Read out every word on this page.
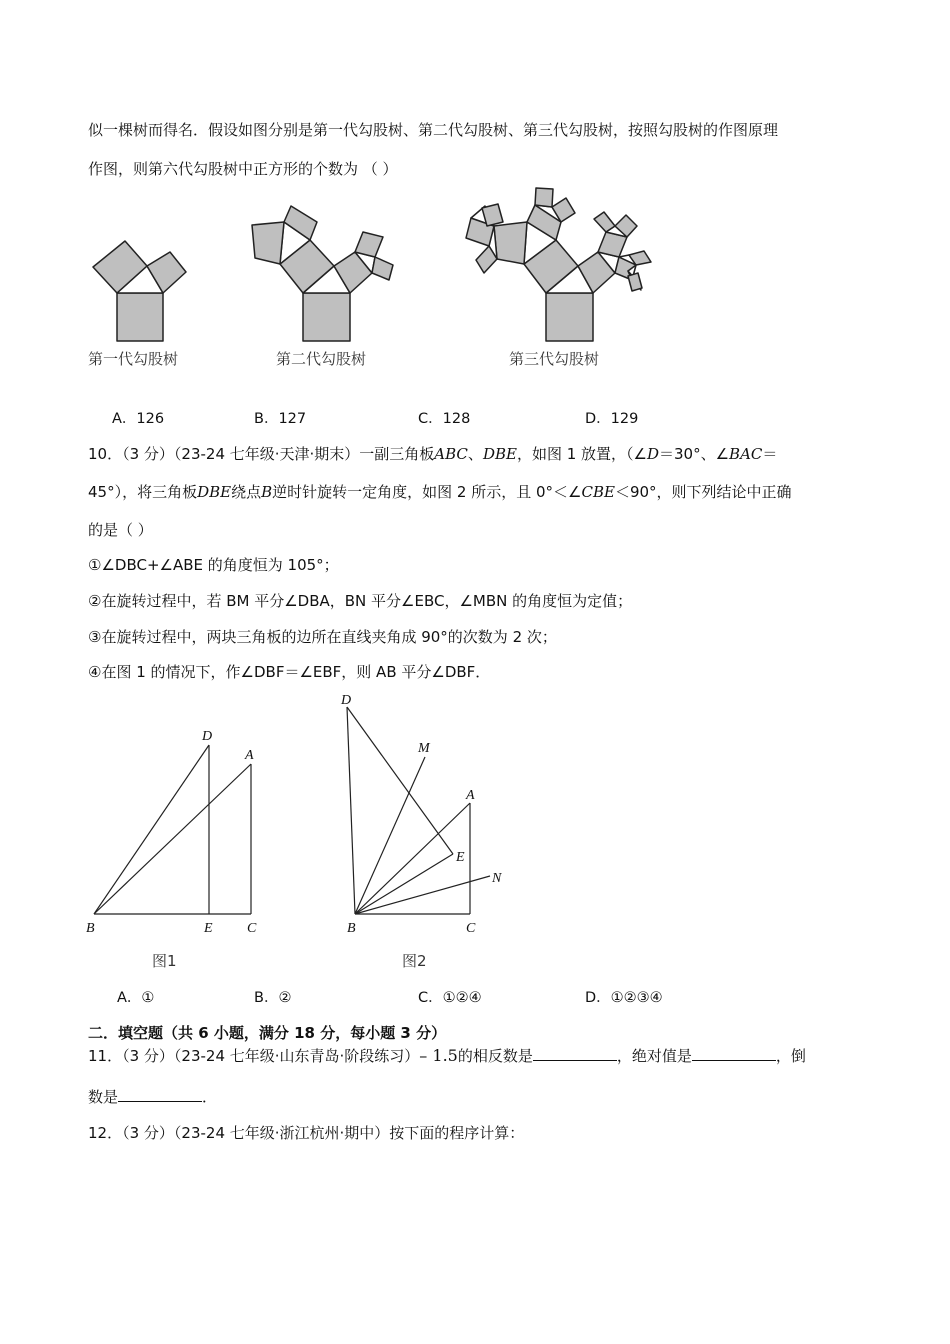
似一棵树而得名．假设如图分别是第一代勾股树、第二代勾股树、第三代勾股树，按照勾股树的作图原理
作图，则第六代勾股树中正方形的个数为 （ ）
第一代勾股树	第二代勾股树	第三代勾股树
A．126	B．127	C．128	D．129
10．（3 分）（23-24 七年级·天津·期末）一副三角板ABC、DBE，如图 1 放置，（∠D＝30°、∠BAC＝
45°），将三角板DBE绕点B逆时针旋转一定角度，如图 2 所示，且 0°＜∠CBE＜90°，则下列结论中正确
的是（ ）
①∠DBC+∠ABE 的角度恒为 105°；
②在旋转过程中，若 BM 平分∠DBA，BN 平分∠EBC，∠MBN 的角度恒为定值；
③在旋转过程中，两块三角板的边所在直线夹角成 90°的次数为 2 次；
④在图 1 的情况下，作∠DBF＝∠EBF，则 AB 平分∠DBF．
D
A
B	E C
D
M
A
E
N
B	C
图1	图2
A．①	B．②	C．①②④	D．①②③④
二．填空题（共 6 小题，满分 18 分，每小题 3 分）
11．（3 分）（23-24 七年级·山东青岛·阶段练习）– 1.5的相反数是	，绝对值是	，倒
数是	．
12．（3 分）（23-24 七年级·浙江杭州·期中）按下面的程序计算：
